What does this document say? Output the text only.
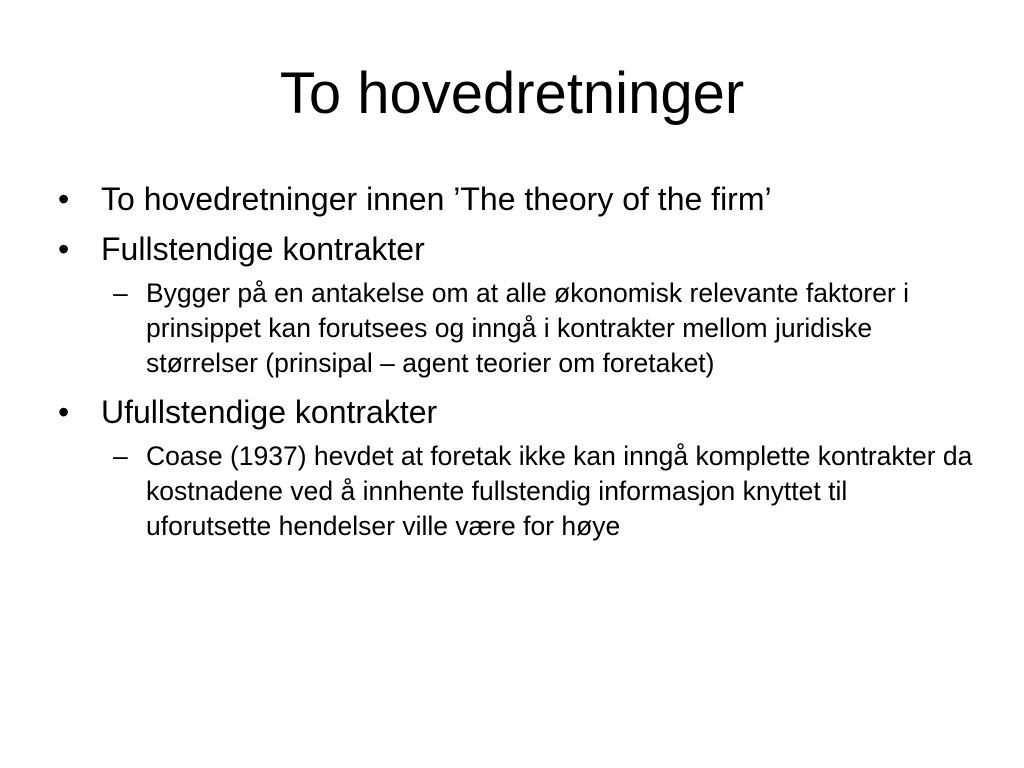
To hovedretninger
• To hovedretninger innen ’The theory of the firm’
• Fullstendige kontrakter
– Bygger på en antakelse om at alle økonomisk relevante faktorer i prinsippet kan forutsees og inngå i kontrakter mellom juridiske størrelser (prinsipal – agent teorier om foretaket)
• Ufullstendige kontrakter
– Coase (1937) hevdet at foretak ikke kan inngå komplette kontrakter da kostnadene ved å innhente fullstendig informasjon knyttet til uforutsette hendelser ville være for høye
